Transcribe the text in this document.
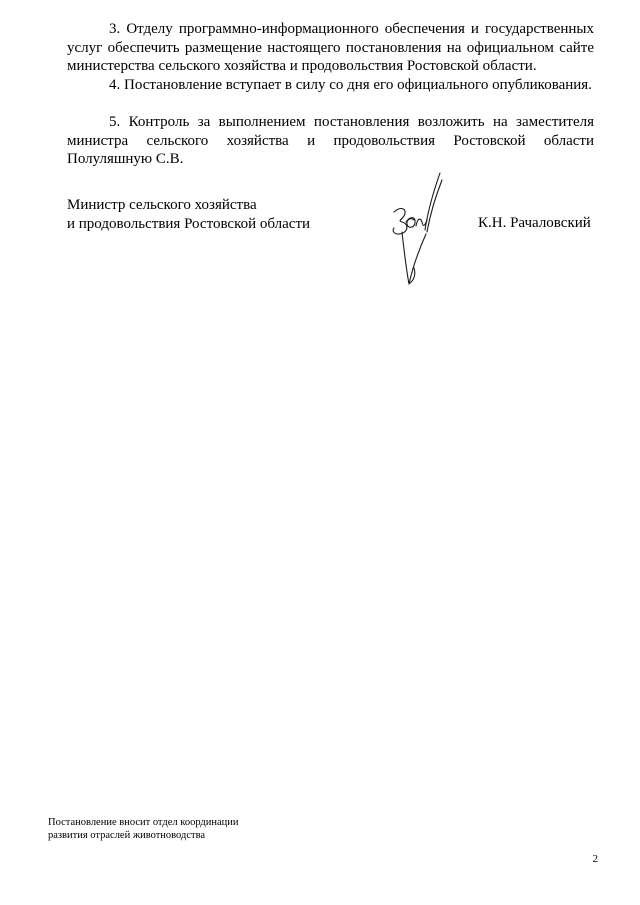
3. Отделу программно-информационного обеспечения и государственных услуг обеспечить размещение настоящего постановления на официальном сайте министерства сельского хозяйства и продовольствия Ростовской области.

4. Постановление вступает в силу со дня его официального опубликования.

5. Контроль за выполнением постановления возложить на заместителя министра сельского хозяйства и продовольствия Ростовской области Полуляшную С.В.

Министр сельского хозяйства
и продовольствия Ростовской области	К.Н. Рачаловский
Постановление вносит отдел координации
развития отраслей животноводства
2
